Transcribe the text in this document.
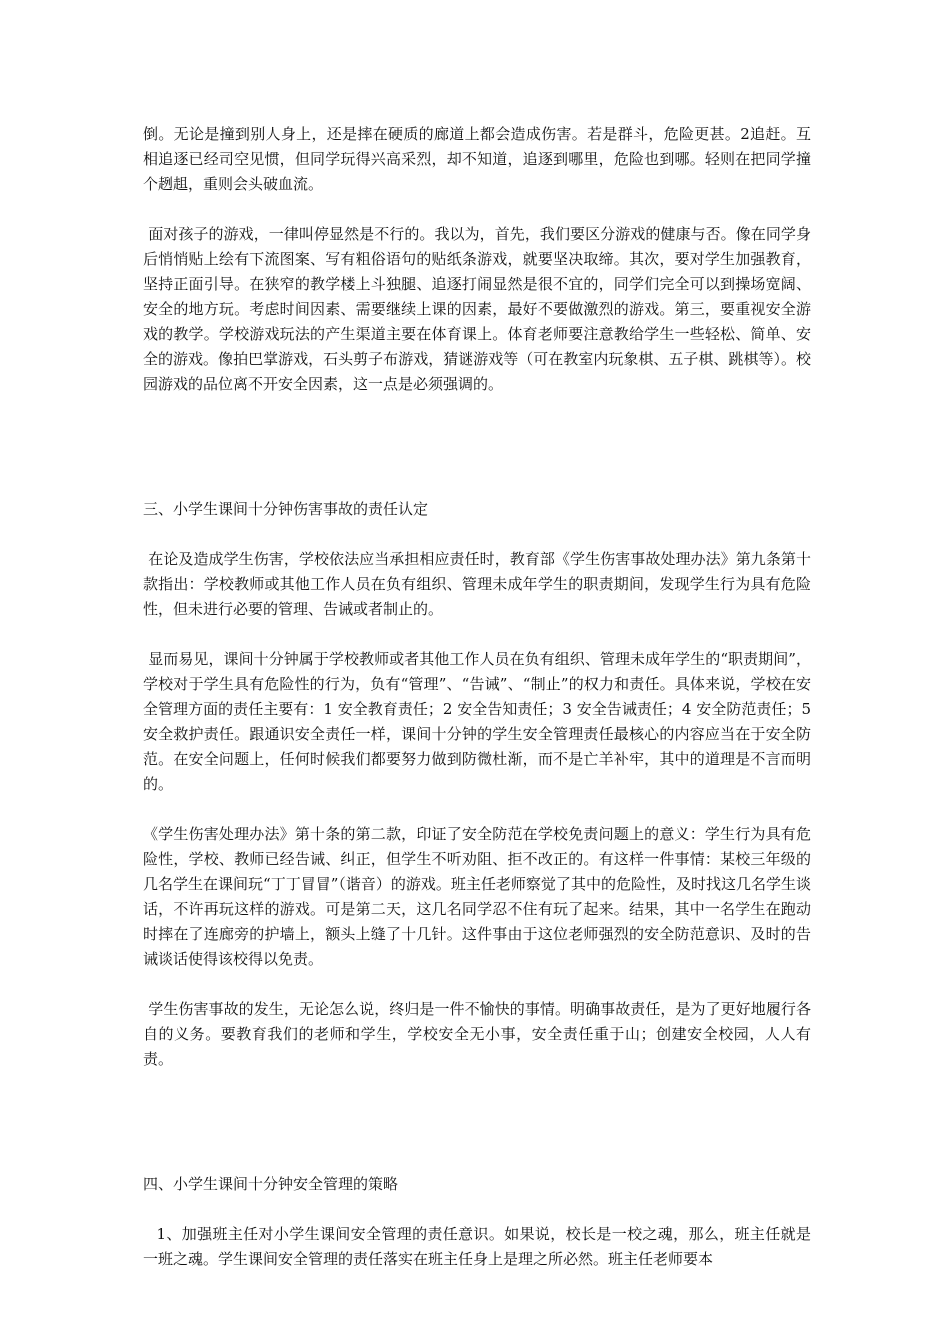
倒。无论是撞到别人身上，还是摔在硬质的廊道上都会造成伤害。若是群斗，危险更甚。2追赶。互相追逐已经司空见惯，但同学玩得兴高采烈，却不知道，追逐到哪里，危险也到哪。轻则在把同学撞个趔趄，重则会头破血流。

面对孩子的游戏，一律叫停显然是不行的。我以为，首先，我们要区分游戏的健康与否。像在同学身后悄悄贴上绘有下流图案、写有粗俗语句的贴纸条游戏，就要坚决取缔。其次，要对学生加强教育，坚持正面引导。在狭窄的教学楼上斗独腿、追逐打闹显然是很不宜的，同学们完全可以到操场宽阔、安全的地方玩。考虑时间因素、需要继续上课的因素，最好不要做激烈的游戏。第三，要重视安全游戏的教学。学校游戏玩法的产生渠道主要在体育课上。体育老师要注意教给学生一些轻松、简单、安全的游戏。像拍巴掌游戏，石头剪子布游戏，猜谜游戏等（可在教室内玩象棋、五子棋、跳棋等）。校园游戏的品位离不开安全因素，这一点是必须强调的。

三、小学生课间十分钟伤害事故的责任认定

在论及造成学生伤害，学校依法应当承担相应责任时，教育部《学生伤害事故处理办法》第九条第十款指出：学校教师或其他工作人员在负有组织、管理未成年学生的职责期间，发现学生行为具有危险性，但未进行必要的管理、告诫或者制止的。

显而易见，课间十分钟属于学校教师或者其他工作人员在负有组织、管理未成年学生的“职责期间”，学校对于学生具有危险性的行为，负有“管理”、“告诫”、“制止”的权力和责任。具体来说，学校在安全管理方面的责任主要有：1 安全教育责任；2 安全告知责任；3 安全告诫责任；4 安全防范责任；5 安全救护责任。跟通识安全责任一样，课间十分钟的学生安全管理责任最核心的内容应当在于安全防范。在安全问题上，任何时候我们都要努力做到防微杜渐，而不是亡羊补牢，其中的道理是不言而明的。

《学生伤害处理办法》第十条的第二款，印证了安全防范在学校免责问题上的意义：学生行为具有危险性，学校、教师已经告诫、纠正，但学生不听劝阻、拒不改正的。有这样一件事情：某校三年级的几名学生在课间玩“丁丁冒冒”（谐音）的游戏。班主任老师察觉了其中的危险性，及时找这几名学生谈话，不许再玩这样的游戏。可是第二天，这几名同学忍不住有玩了起来。结果，其中一名学生在跑动时摔在了连廊旁的护墙上，额头上缝了十几针。这件事由于这位老师强烈的安全防范意识、及时的告诫谈话使得该校得以免责。

学生伤害事故的发生，无论怎么说，终归是一件不愉快的事情。明确事故责任，是为了更好地履行各自的义务。要教育我们的老师和学生，学校安全无小事，安全责任重于山；创建安全校园，人人有责。

四、小学生课间十分钟安全管理的策略

1、加强班主任对小学生课间安全管理的责任意识。如果说，校长是一校之魂，那么，班主任就是一班之魂。学生课间安全管理的责任落实在班主任身上是理之所必然。班主任老师要本
